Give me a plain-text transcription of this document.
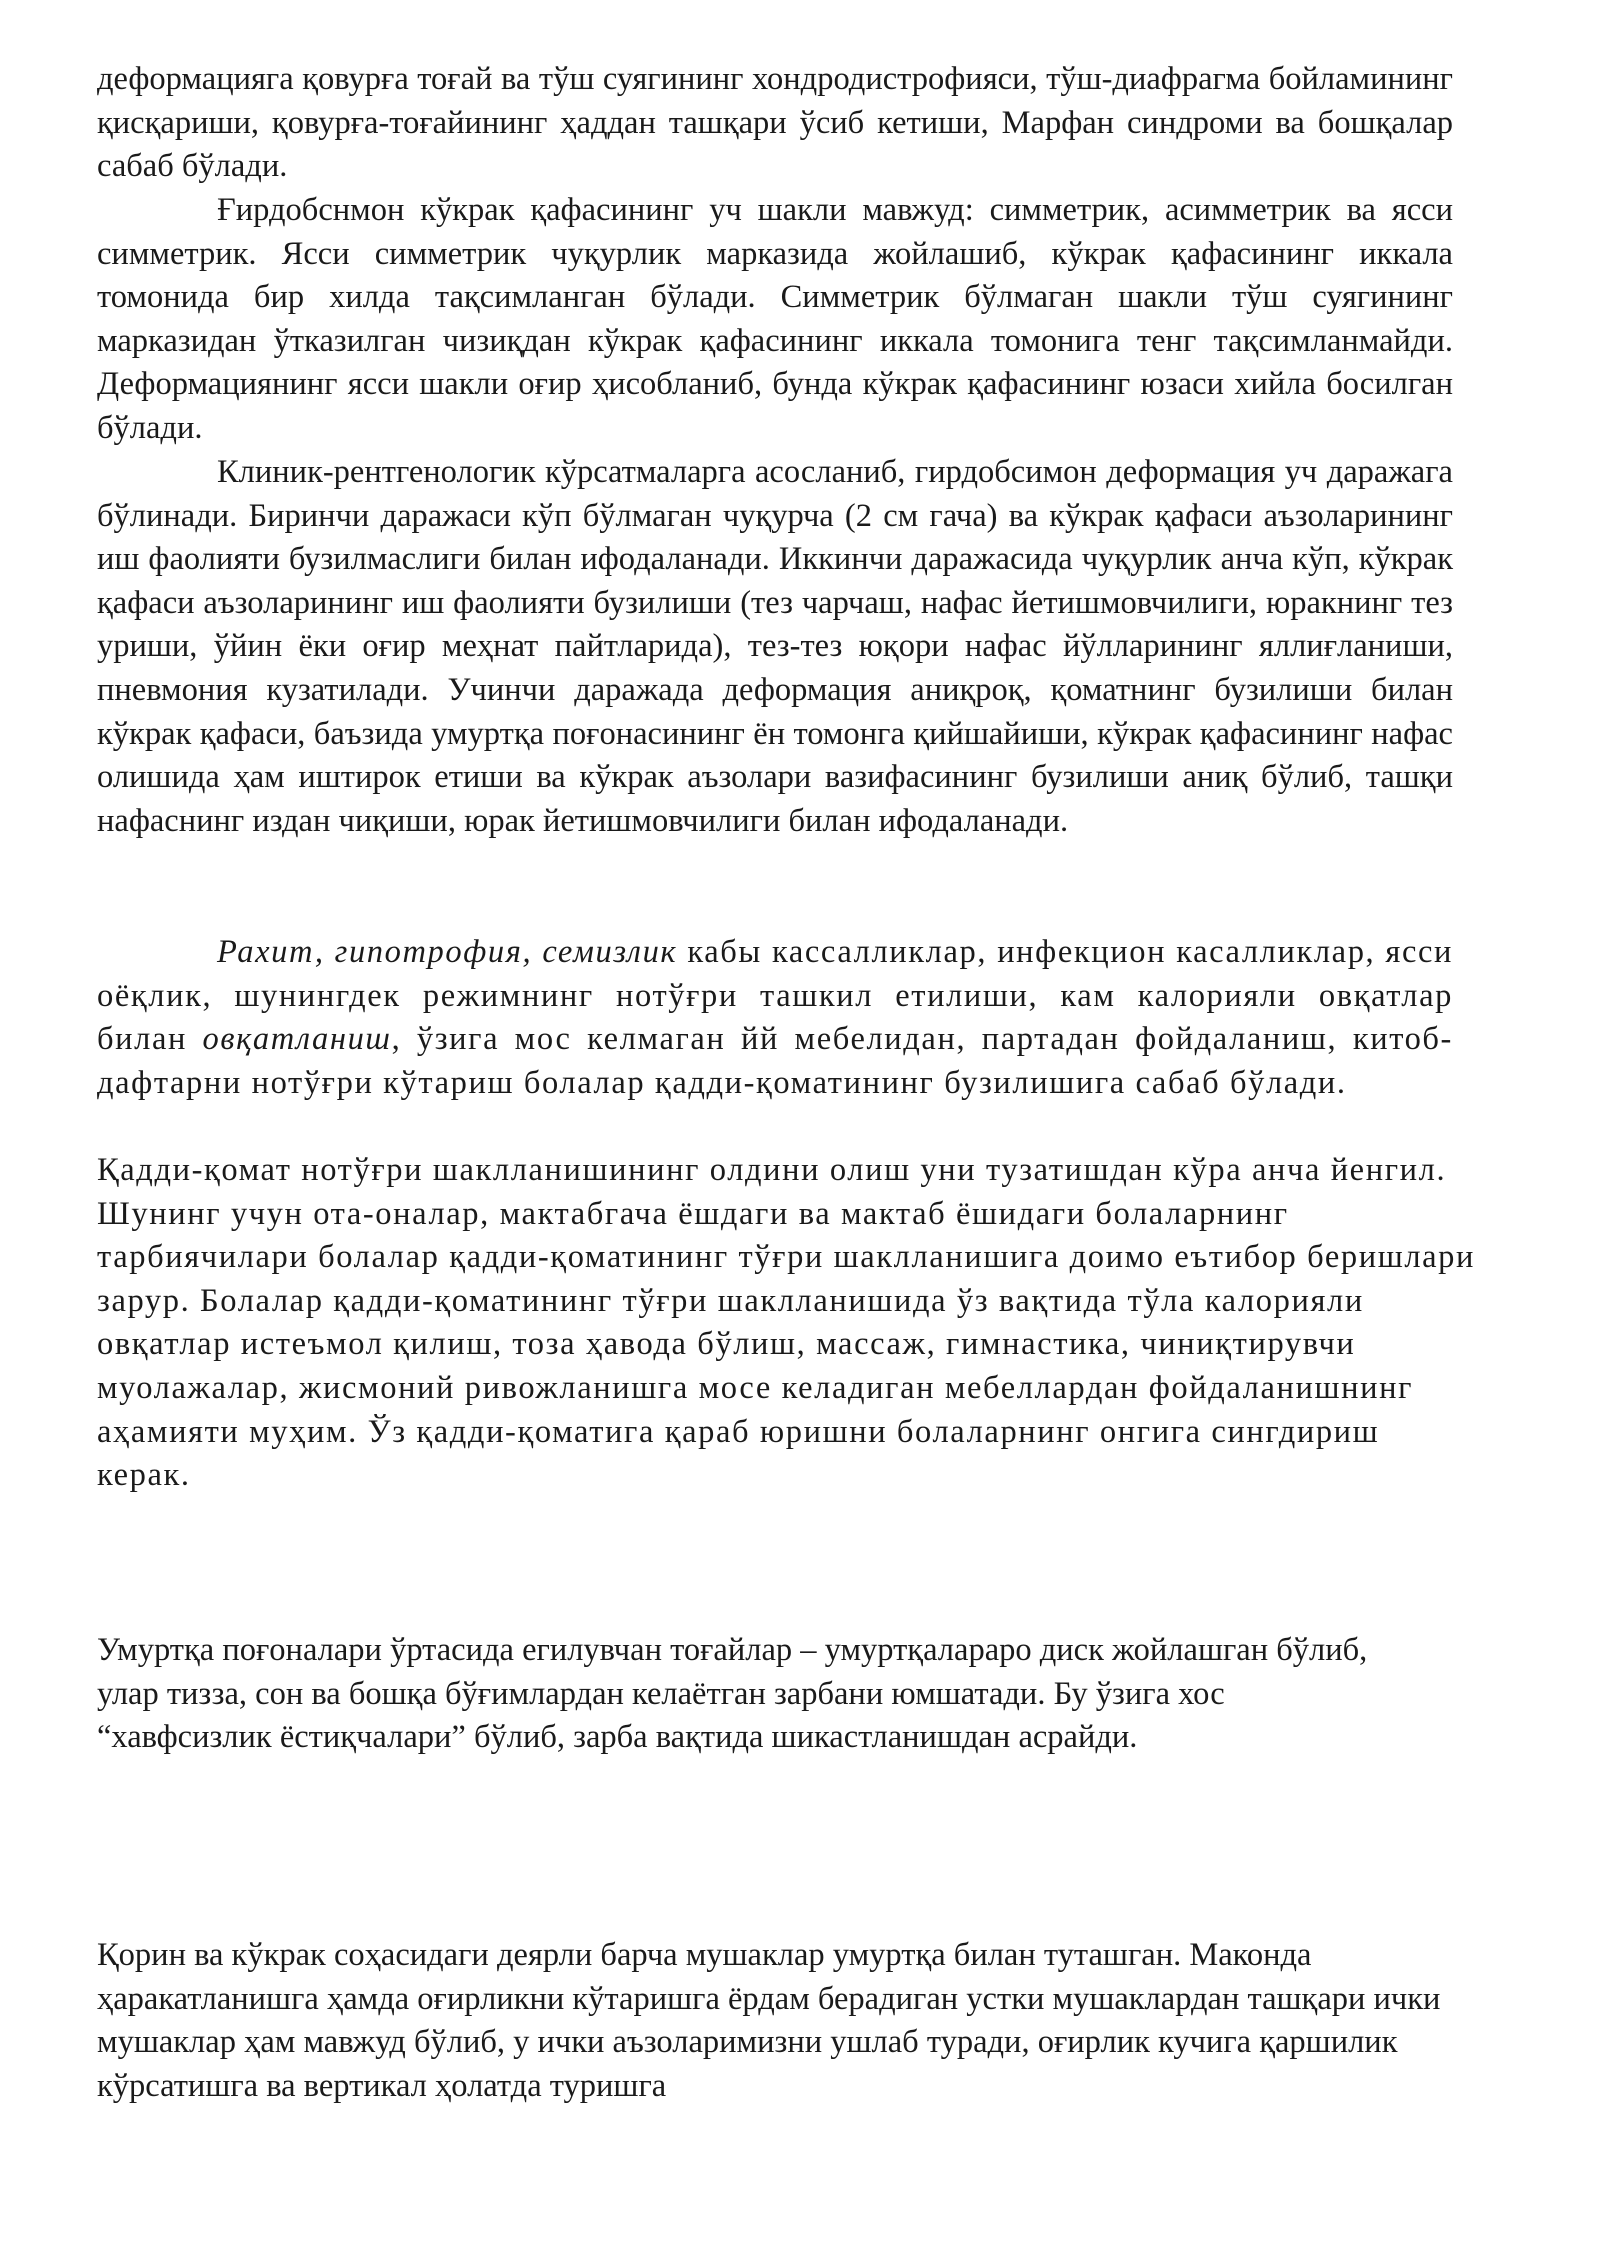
деформацияга қовурға тоғай ва тўш суягининг хондродистрофияси, тўш-диафрагма бойламининг қисқариши, қовурға-тоғайининг ҳаддан ташқари ўсиб кетиши, Марфан синдроми ва бошқалар сабаб бўлади.

Ғирдобснмон кўкрак қафасининг уч шакли мавжуд: симметрик, асимметрик ва ясси симметрик. Ясси симметрик чуқурлик марказида жойлашиб, кўкрак қафасининг иккала томонида бир хилда тақсимланган бўлади. Симметрик бўлмаган шакли тўш суягининг марказидан ўтказилган чизиқдан кўкрак қафасининг иккала томонига тенг тақсимланмайди. Деформациянинг ясси шакли оғир ҳисобланиб, бунда кўкрак қафасининг юзаси хийла босилган бўлади.

Клиник-рентгенологик кўрсатмаларга асосланиб, гирдобсимон деформация уч даражага бўлинади. Биринчи даражаси кўп бўлмаган чуқурча (2 см гача) ва кўкрак қафаси аъзоларининг иш фаолияти бузилмаслиги билан ифодаланади. Иккинчи даражасида чуқурлик анча кўп, кўкрак қафаси аъзоларининг иш фаолияти бузилиши (тез чарчаш, нафас йетишмовчилиги, юракнинг тез уриши, ўйин ёки оғир меҳнат пайтларида), тез-тез юқори нафас йўлларининг яллиғланиши, пневмония кузатилади. Учинчи даражада деформация аниқроқ, қоматнинг бузилиши билан кўкрак қафаси, баъзида умуртқа поғонасининг ён томонга қийшайиши, кўкрак қафасининг нафас олишида ҳам иштирок етиши ва кўкрак аъзолари вазифасининг бузилиши аниқ бўлиб, ташқи нафаснинг издан чиқиши, юрак йетишмовчилиги билан ифодаланади.

Рахит, гипотрофия, семизлик кабы кассалликлар, инфекцион касалликлар, ясси оёқлик, шунингдек режимнинг нотўғри ташкил етилиши, кам калорияли овқатлар билан овқатланиш, ўзига мос келмаган йй мебелидан, партадан фойдаланиш, китоб-дафтарни нотўғри кўтариш болалар қадди-қоматининг бузилишига сабаб бўлади.

Қадди-қомат нотўғри шаклланишининг олдини олиш уни тузатишдан кўра анча йенгил. Шунинг учун ота-оналар, мактабгача ёшдаги ва мактаб ёшидаги болаларнинг тарбиячилари болалар қадди-қоматининг тўғри шаклланишига доимо еътибор беришлари зарур. Болалар қадди-қоматининг тўғри шаклланишида ўз вақтида тўла калорияли овқатлар истеъмол қилиш, тоза ҳавода бўлиш, массаж, гимнастика, чиниқтирувчи муолажалар, жисмоний ривожланишга мосе келадиган мебеллардан фойдаланишнинг аҳамияти муҳим. Ўз қадди-қоматига қараб юришни болаларнинг онгига сингдириш керак.

Умуртқа поғоналари ўртасида егилувчан тоғайлар – умуртқалараро диск жойлашган бўлиб, улар тизза, сон ва бошқа бўғимлардан келаётган зарбани юмшатади. Бу ўзига хос “хавфсизлик ёстиқчалари” бўлиб, зарба вақтида шикастланишдан асрайди.

Қорин ва кўкрак соҳасидаги деярли барча мушаклар умуртқа билан туташган. Маконда ҳаракатланишга ҳамда оғирликни кўтаришга ёрдам берадиган устки мушаклардан ташқари ички мушаклар ҳам мавжуд бўлиб, у ички аъзоларимизни ушлаб туради, оғирлик кучига қаршилик кўрсатишга ва вертикал ҳолатда туришга
